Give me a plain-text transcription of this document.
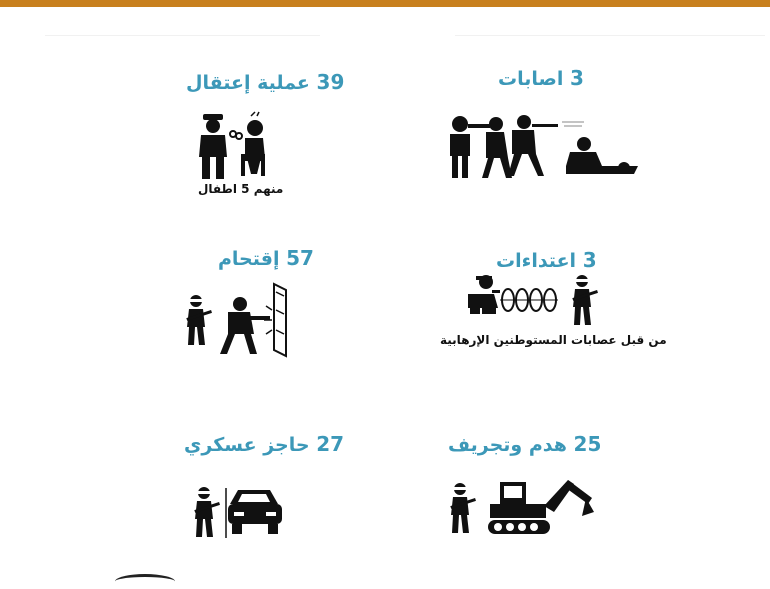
39 عملية إعتقال
منهم 5 اطفال
3 اصابات
57 إقتحام	3 اعتداءات
من قبل عصابات المستوطنين الإرهابية
27 حاجز عسكري	25 هدم وتجريف
